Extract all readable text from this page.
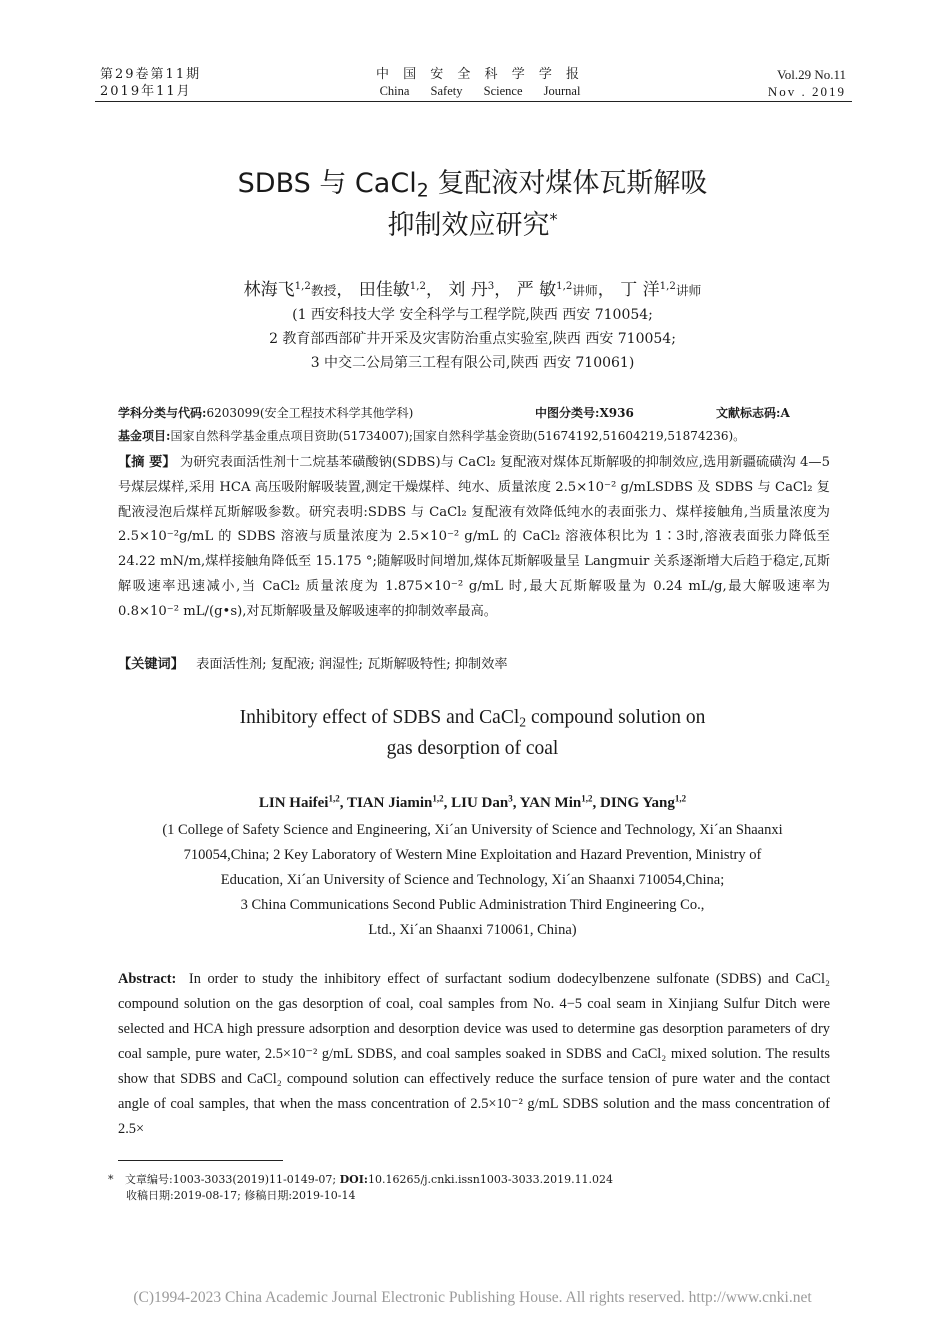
第29卷第11期
2019年11月
中 国 安 全 科 学 学 报
China Safety Science Journal
Vol.29 No.11
Nov . 2019
SDBS 与 CaCl$_2$ 复配液对煤体瓦斯解吸
抑制效应研究*
林海飞$^{1,2}$教授， 田佳敏$^{1,2}$， 刘 丹$^3$， 严 敏$^{1,2}$讲师， 丁 洋$^{1,2}$讲师
(1 西安科技大学 安全科学与工程学院,陕西 西安 710054;
2 教育部西部矿井开采及灾害防治重点实验室,陕西 西安 710054;
3 中交二公局第三工程有限公司,陕西 西安 710061)
学科分类与代码:6203099(安全工程技术科学其他学科)	中图分类号:X936	文献标志码:A
基金项目:国家自然科学基金重点项目资助(51734007);国家自然科学基金资助(51674192,51604219,51874236)。
【摘 要】 为研究表面活性剂十二烷基苯磺酸钠(SDBS)与 CaCl₂ 复配液对煤体瓦斯解吸的抑制效应,选用新疆硫磺沟 4—5 号煤层煤样,采用 HCA 高压吸附解吸装置,测定干燥煤样、纯水、质量浓度 2.5×10⁻² g/mLSDBS 及 SDBS 与 CaCl₂ 复配液浸泡后煤样瓦斯解吸参数。研究表明:SDBS 与 CaCl₂ 复配液有效降低纯水的表面张力、煤样接触角,当质量浓度为 2.5×10⁻²g/mL 的 SDBS 溶液与质量浓度为 2.5×10⁻² g/mL 的 CaCl₂ 溶液体积比为 1∶3时,溶液表面张力降低至 24.22 mN/m,煤样接触角降低至 15.175 °;随解吸时间增加,煤体瓦斯解吸量呈 Langmuir 关系逐渐增大后趋于稳定,瓦斯解吸速率迅速减小,当 CaCl₂ 质量浓度为 1.875×10⁻² g/mL 时,最大瓦斯解吸量为 0.24 mL/g,最大解吸速率为 0.8×10⁻² mL/(g•s),对瓦斯解吸量及解吸速率的抑制效率最高。
【关键词】 表面活性剂; 复配液; 润湿性; 瓦斯解吸特性; 抑制效率
Inhibitory effect of SDBS and CaCl$_2$ compound solution on
gas desorption of coal
LIN Haifei$^{1,2}$, TIAN Jiamin$^{1,2}$, LIU Dan$^3$, YAN Min$^{1,2}$, DING Yang$^{1,2}$
(1 College of Safety Science and Engineering, Xi´an University of Science and Technology, Xi´an Shaanxi
710054,China; 2 Key Laboratory of Western Mine Exploitation and Hazard Prevention, Ministry of
Education, Xi´an University of Science and Technology, Xi´an Shaanxi 710054,China;
3 China Communications Second Public Administration Third Engineering Co.,
Ltd., Xi´an Shaanxi 710061, China)
Abstract: In order to study the inhibitory effect of surfactant sodium dodecylbenzene sulfonate (SDBS) and CaCl₂ compound solution on the gas desorption of coal, coal samples from No. 4−5 coal seam in Xinjiang Sulfur Ditch were selected and HCA high pressure adsorption and desorption device was used to determine gas desorption parameters of dry coal sample, pure water, 2.5×10⁻² g/mL SDBS, and coal samples soaked in SDBS and CaCl₂ mixed solution. The results show that SDBS and CaCl₂ compound solution can effectively reduce the surface tension of pure water and the contact angle of coal samples, that when the mass concentration of 2.5×10⁻² g/mL SDBS solution and the mass concentration of 2.5×
* 文章编号:1003-3033(2019)11-0149-07; DOI:10.16265/j.cnki.issn1003-3033.2019.11.024
收稿日期:2019-08-17; 修稿日期:2019-10-14
(C)1994-2023 China Academic Journal Electronic Publishing House. All rights reserved. http://www.cnki.net
